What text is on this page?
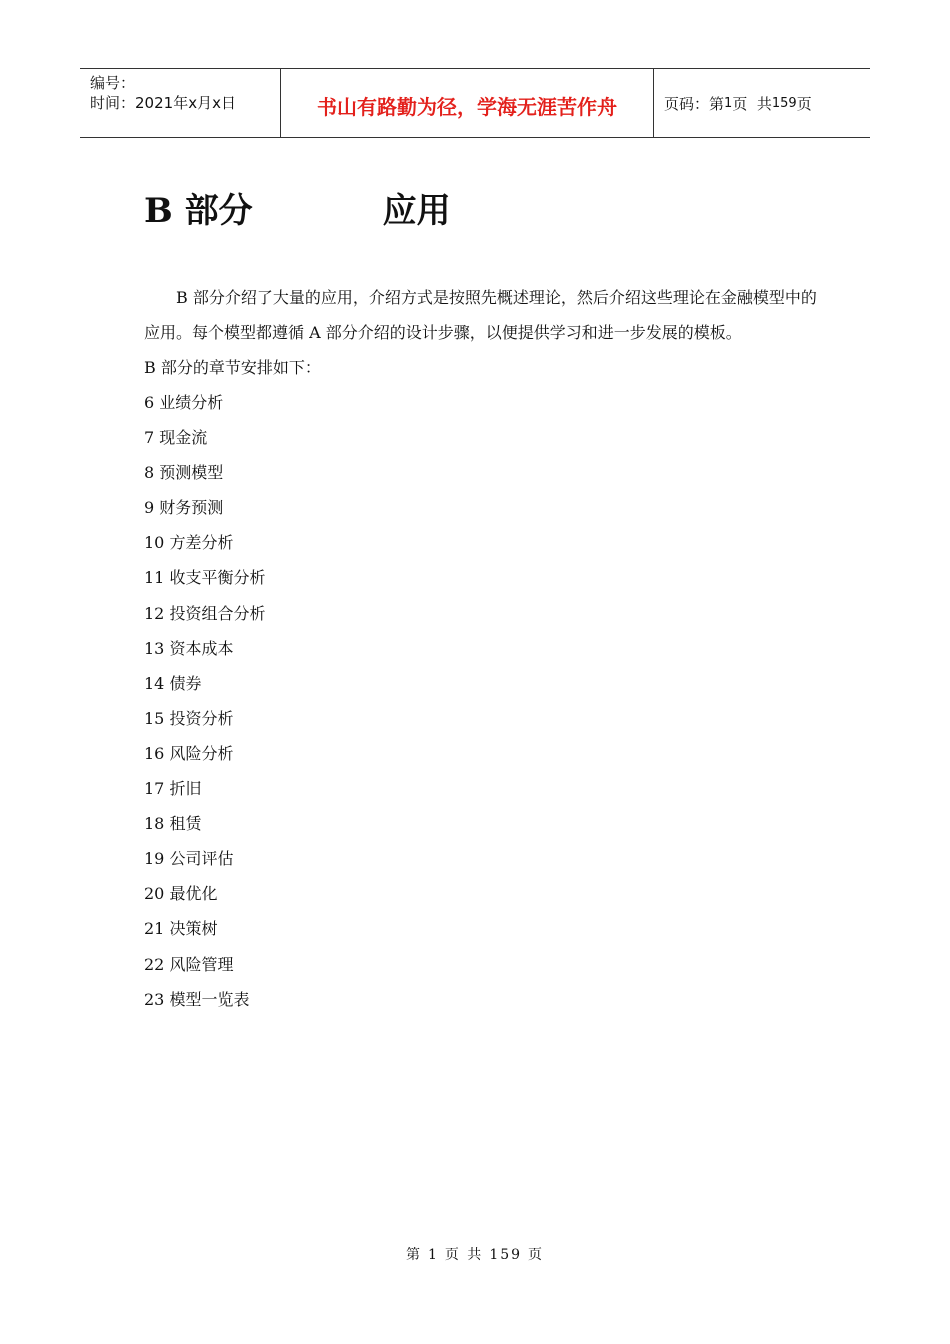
编号：
时间：2021年x月x日	书山有路勤为径，学海无涯苦作舟	页码： 第 1 页  共 159 页
B 部分	应用

B 部分介绍了大量的应用，介绍方式是按照先概述理论，然后介绍这些理论在金融模型中的应用。每个模型都遵循 A 部分介绍的设计步骤，以便提供学习和进一步发展的模板。

B 部分的章节安排如下：
6 业绩分析
7 现金流
8 预测模型
9 财务预测
10 方差分析
11 收支平衡分析
12 投资组合分析
13 资本成本
14 债券
15 投资分析
16 风险分析
17 折旧
18 租赁
19 公司评估
20 最优化
21 决策树
22 风险管理
23 模型一览表
第 1 页 共 159 页
